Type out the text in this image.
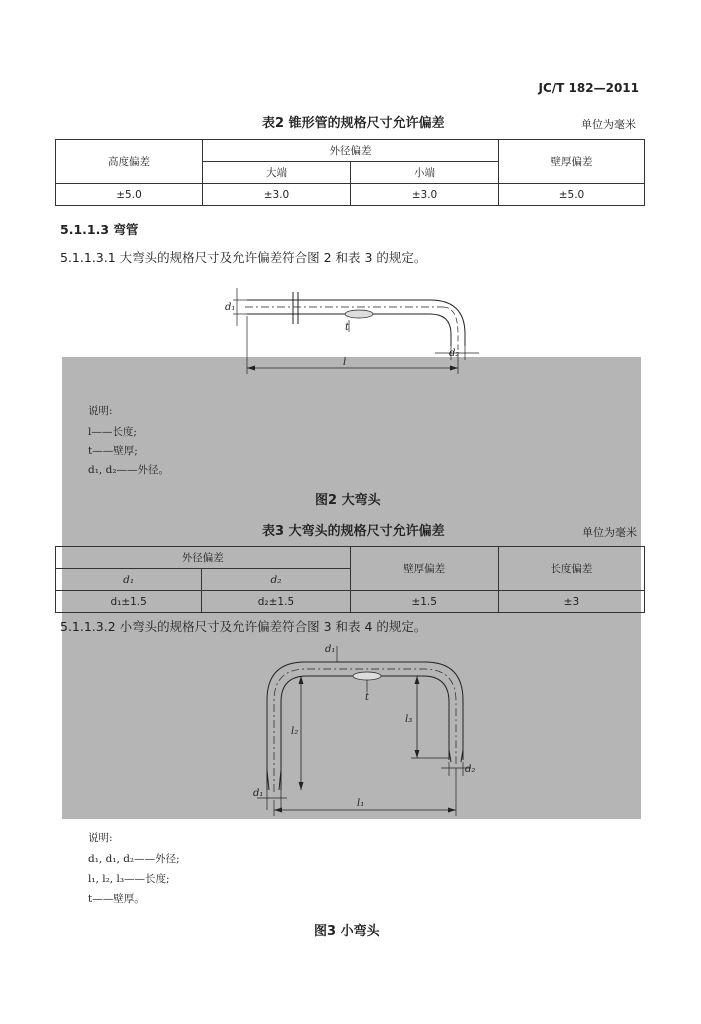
JC/T 182—2011
表2 锥形管的规格尺寸允许偏差	单位为毫米
高度偏差	外径偏差		壁厚偏差
	大端	小端	
±5.0	±3.0	±3.0	±5.0
5.1.1.3 弯管
5.1.1.3.1 大弯头的规格尺寸及允许偏差符合图 2 和表 3 的规定。
d₁
t
d₂
l
说明:
l——长度;
t——壁厚;
d₁, d₂——外径。
图2 大弯头
表3 大弯头的规格尺寸允许偏差	单位为毫米
外径偏差		壁厚偏差	长度偏差
d₁	d₂		
d₁±1.5	d₂±1.5	±1.5	±3
5.1.1.3.2 小弯头的规格尺寸及允许偏差符合图 3 和表 4 的规定。
d₁
t
l₂
l₃
d₂
d₁
l₁
说明:
d₁, d₁, d₂——外径;
l₁, l₂, l₃——长度;
t——壁厚。
图3 小弯头
